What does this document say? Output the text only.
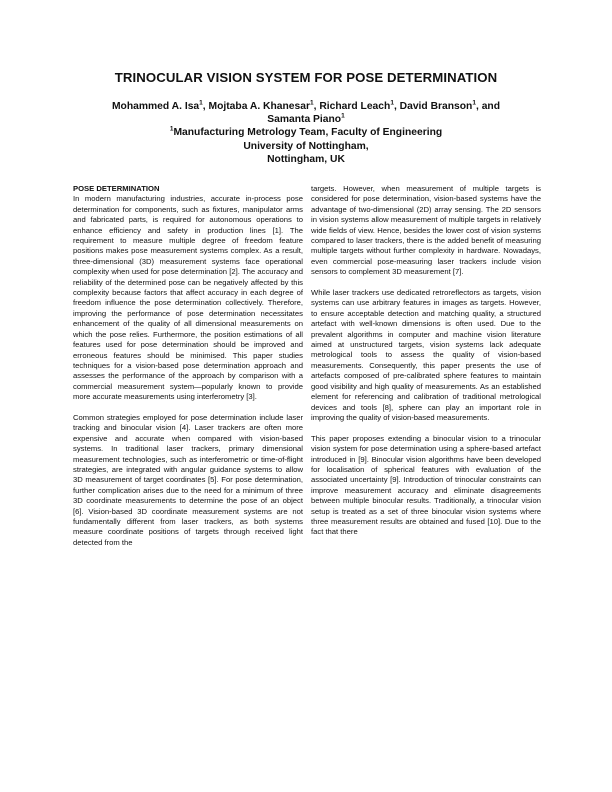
TRINOCULAR VISION SYSTEM FOR POSE DETERMINATION
Mohammed A. Isa$^1$, Mojtaba A. Khanesar$^1$, Richard Leach$^1$, David Branson$^1$, and
Samanta Piano$^1$
$^1$Manufacturing Metrology Team, Faculty of Engineering
University of Nottingham,
Nottingham, UK
POSE DETERMINATION

In modern manufacturing industries, accurate in-process pose determination for components, such as fixtures, manipulator arms and fabricated parts, is required for autonomous operations to enhance efficiency and safety in production lines [1]. The requirement to measure multiple degree of freedom feature positions makes pose measurement systems complex. As a result, three-dimensional (3D) measurement systems face operational complexity when used for pose determination [2]. The accuracy and reliability of the determined pose can be negatively affected by this complexity because factors that affect accuracy in each degree of freedom influence the pose determination collectively. Therefore, improving the performance of pose determination necessitates enhancement of the quality of all dimensional measurements on which the pose relies. Furthermore, the position estimations of all features used for pose determination should be improved and erroneous features should be minimised. This paper studies techniques for a vision-based pose determination approach and assesses the performance of the approach by comparison with a commercial measurement system—popularly known to provide more accurate measurements using interferometry [3].

Common strategies employed for pose determination include laser tracking and binocular vision [4]. Laser trackers are often more expensive and accurate when compared with vision-based systems. In traditional laser trackers, primary dimensional measurement technologies, such as interferometric or time-of-flight strategies, are integrated with angular guidance systems to allow 3D measurement of target coordinates [5]. For pose determination, further complication arises due to the need for a minimum of three 3D coordinate measurements to determine the pose of an object [6]. Vision-based 3D coordinate measurement systems are not fundamentally different from laser trackers, as both systems measure coordinate positions of targets through received light detected from the

targets. However, when measurement of multiple targets is considered for pose determination, vision-based systems have the advantage of two-dimensional (2D) array sensing. The 2D sensors in vision systems allow measurement of multiple targets in relatively wide fields of view. Hence, besides the lower cost of vision systems compared to laser trackers, there is the added benefit of measuring multiple targets without further complexity in hardware. Nowadays, even commercial pose-measuring laser trackers include vision sensors to complement 3D measurement [7].

While laser trackers use dedicated retroreflectors as targets, vision systems can use arbitrary features in images as targets. However, to ensure acceptable detection and matching quality, a structured artefact with well-known dimensions is often used. Due to the prevalent algorithms in computer and machine vision literature aimed at unstructured targets, vision systems lack adequate metrological tools to assess the quality of vision-based measurements. Consequently, this paper presents the use of artefacts composed of pre-calibrated sphere features to maintain good visibility and high quality of measurements. As an established element for referencing and calibration of traditional metrological devices and tools [8], sphere can play an important role in improving the quality of vision-based measurements.

This paper proposes extending a binocular vision to a trinocular vision system for pose determination using a sphere-based artefact introduced in [9]. Binocular vision algorithms have been developed for localisation of spherical features with evaluation of the associated uncertainty [9]. Introduction of trinocular constraints can improve measurement accuracy and eliminate disagreements between multiple binocular results. Traditionally, a trinocular vision setup is treated as a set of three binocular vision systems where three measurement results are obtained and fused [10]. Due to the fact that there
